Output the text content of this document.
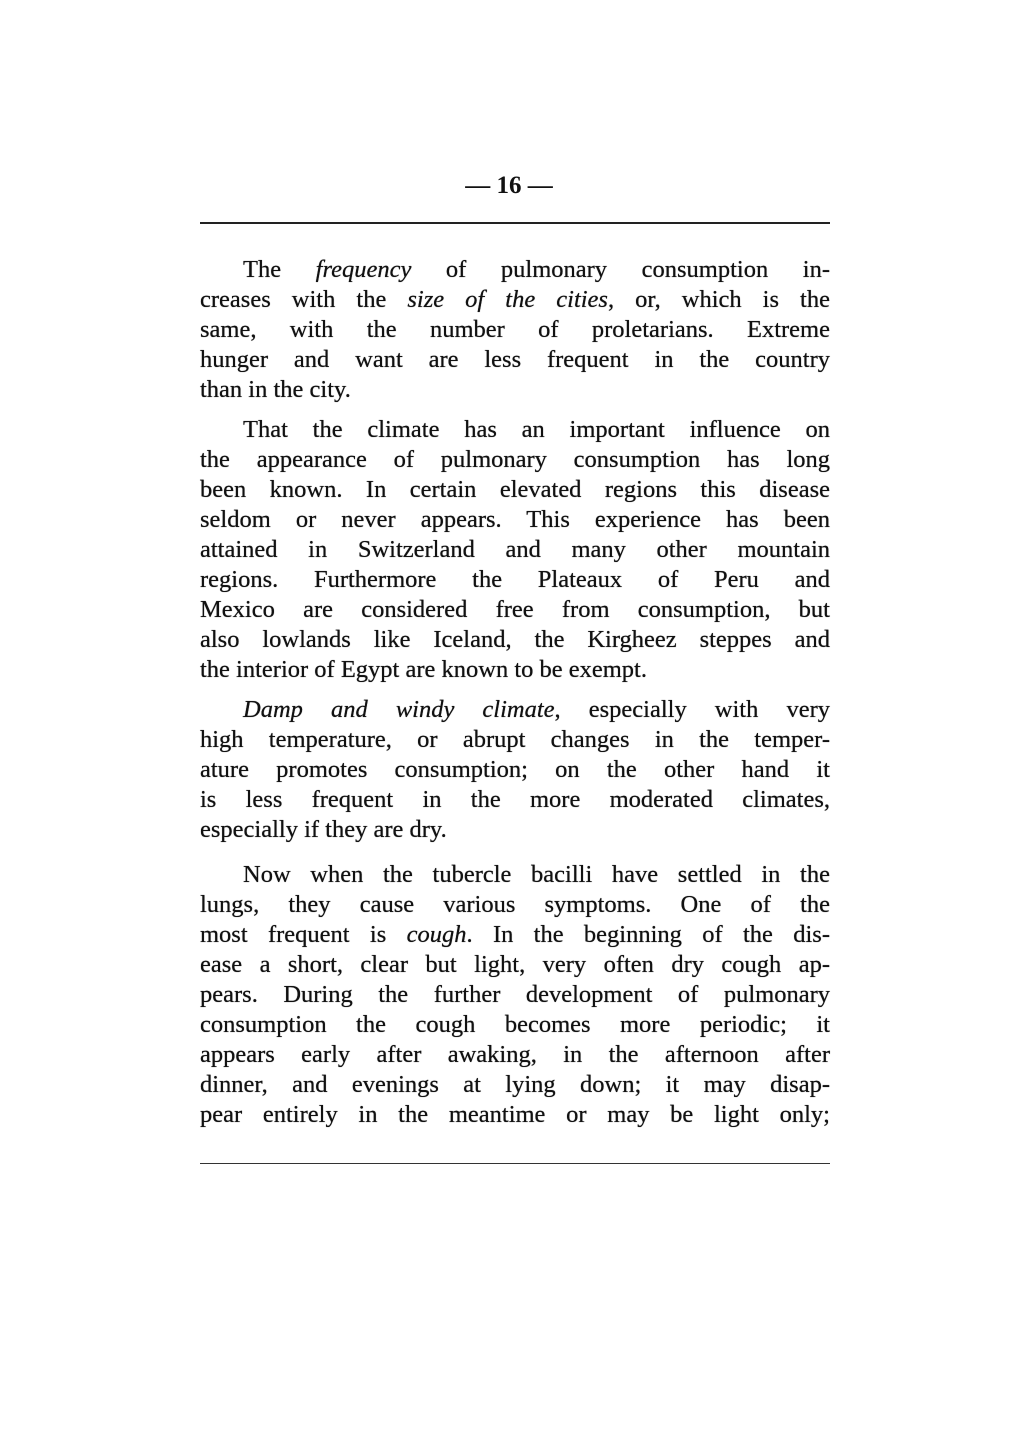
— 16 —
The frequency of pulmonary consumption in-
creases with the size of the cities, or, which is the
same, with the number of proletarians. Extreme
hunger and want are less frequent in the country
than in the city.
That the climate has an important influence on
the appearance of pulmonary consumption has long
been known. In certain elevated regions this disease
seldom or never appears. This experience has been
attained in Switzerland and many other mountain
regions. Furthermore the Plateaux of Peru and
Mexico are considered free from consumption, but
also lowlands like Iceland, the Kirgheez steppes and
the interior of Egypt are known to be exempt.
Damp and windy climate, especially with very
high temperature, or abrupt changes in the temper-
ature promotes consumption; on the other hand it
is less frequent in the more moderated climates,
especially if they are dry.
Now when the tubercle bacilli have settled in the
lungs, they cause various symptoms. One of the
most frequent is cough. In the beginning of the dis-
ease a short, clear but light, very often dry cough ap-
pears. During the further development of pulmonary
consumption the cough becomes more periodic; it
appears early after awaking, in the afternoon after
dinner, and evenings at lying down; it may disap-
pear entirely in the meantime or may be light only;
